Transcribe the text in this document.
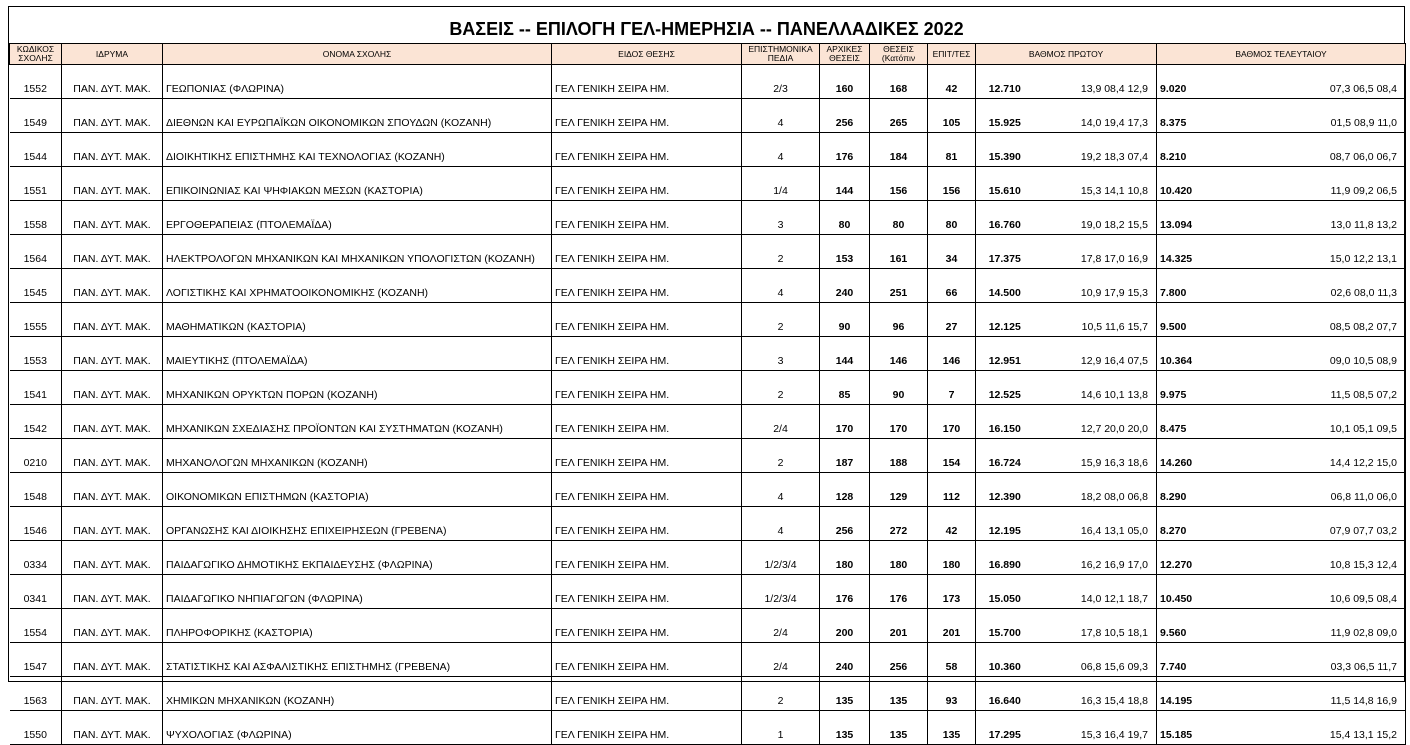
ΒΑΣΕΙΣ -- ΕΠΙΛΟΓΗ ΓΕΛ-ΗΜΕΡΗΣΙΑ -- ΠΑΝΕΛΛΑΔΙΚΕΣ 2022
ΚΩΔΙΚΟΣ ΣΧΟΛΗΣ	ΙΔΡΥΜΑ	ΟΝΟΜΑ ΣΧΟΛΗΣ	ΕΙΔΟΣ ΘΕΣΗΣ	ΕΠΙΣΤΗΜΟΝΙΚΑ ΠΕΔΙΑ	ΑΡΧΙΚΕΣ ΘΕΣΕΙΣ	ΘΕΣΕΙΣ (Κατόπιν	ΕΠΙΤ/ΤΕΣ	ΒΑΘΜΟΣ ΠΡΩΤΟΥ		ΒΑΘΜΟΣ ΤΕΛΕΥΤΑΙΟΥ	
1552	ΠΑΝ. ΔΥΤ. ΜΑΚ.	ΓΕΩΠΟΝΙΑΣ (ΦΛΩΡΙΝΑ)	ΓΕΛ ΓΕΝΙΚΗ ΣΕΙΡΑ ΗΜ.	2/3	160	168	42	12.710	13,9 08,4 12,9	9.020	07,3 06,5 08,4
1549	ΠΑΝ. ΔΥΤ. ΜΑΚ.	ΔΙΕΘΝΩΝ ΚΑΙ ΕΥΡΩΠΑΪΚΩΝ ΟΙΚΟΝΟΜΙΚΩΝ ΣΠΟΥΔΩΝ (ΚΟΖΑΝΗ)	ΓΕΛ ΓΕΝΙΚΗ ΣΕΙΡΑ ΗΜ.	4	256	265	105	15.925	14,0 19,4 17,3	8.375	01,5 08,9 11,0
1544	ΠΑΝ. ΔΥΤ. ΜΑΚ.	ΔΙΟΙΚΗΤΙΚΗΣ ΕΠΙΣΤΗΜΗΣ ΚΑΙ ΤΕΧΝΟΛΟΓΙΑΣ (ΚΟΖΑΝΗ)	ΓΕΛ ΓΕΝΙΚΗ ΣΕΙΡΑ ΗΜ.	4	176	184	81	15.390	19,2 18,3 07,4	8.210	08,7 06,0 06,7
1551	ΠΑΝ. ΔΥΤ. ΜΑΚ.	ΕΠΙΚΟΙΝΩΝΙΑΣ ΚΑΙ ΨΗΦΙΑΚΩΝ ΜΕΣΩΝ (ΚΑΣΤΟΡΙΑ)	ΓΕΛ ΓΕΝΙΚΗ ΣΕΙΡΑ ΗΜ.	1/4	144	156	156	15.610	15,3 14,1 10,8	10.420	11,9 09,2 06,5
1558	ΠΑΝ. ΔΥΤ. ΜΑΚ.	ΕΡΓΟΘΕΡΑΠΕΙΑΣ (ΠΤΟΛΕΜΑΪΔΑ)	ΓΕΛ ΓΕΝΙΚΗ ΣΕΙΡΑ ΗΜ.	3	80	80	80	16.760	19,0 18,2 15,5	13.094	13,0 11,8 13,2
1564	ΠΑΝ. ΔΥΤ. ΜΑΚ.	ΗΛΕΚΤΡΟΛΟΓΩΝ ΜΗΧΑΝΙΚΩΝ ΚΑΙ ΜΗΧΑΝΙΚΩΝ ΥΠΟΛΟΓΙΣΤΩΝ (ΚΟΖΑΝΗ)	ΓΕΛ ΓΕΝΙΚΗ ΣΕΙΡΑ ΗΜ.	2	153	161	34	17.375	17,8 17,0 16,9	14.325	15,0 12,2 13,1
1545	ΠΑΝ. ΔΥΤ. ΜΑΚ.	ΛΟΓΙΣΤΙΚΗΣ ΚΑΙ ΧΡΗΜΑΤΟΟΙΚΟΝΟΜΙΚΗΣ (ΚΟΖΑΝΗ)	ΓΕΛ ΓΕΝΙΚΗ ΣΕΙΡΑ ΗΜ.	4	240	251	66	14.500	10,9 17,9 15,3	7.800	02,6 08,0 11,3
1555	ΠΑΝ. ΔΥΤ. ΜΑΚ.	ΜΑΘΗΜΑΤΙΚΩΝ (ΚΑΣΤΟΡΙΑ)	ΓΕΛ ΓΕΝΙΚΗ ΣΕΙΡΑ ΗΜ.	2	90	96	27	12.125	10,5 11,6 15,7	9.500	08,5 08,2 07,7
1553	ΠΑΝ. ΔΥΤ. ΜΑΚ.	ΜΑΙΕΥΤΙΚΗΣ (ΠΤΟΛΕΜΑΪΔΑ)	ΓΕΛ ΓΕΝΙΚΗ ΣΕΙΡΑ ΗΜ.	3	144	146	146	12.951	12,9 16,4 07,5	10.364	09,0 10,5 08,9
1541	ΠΑΝ. ΔΥΤ. ΜΑΚ.	ΜΗΧΑΝΙΚΩΝ ΟΡΥΚΤΩΝ ΠΟΡΩΝ (ΚΟΖΑΝΗ)	ΓΕΛ ΓΕΝΙΚΗ ΣΕΙΡΑ ΗΜ.	2	85	90	7	12.525	14,6 10,1 13,8	9.975	11,5 08,5 07,2
1542	ΠΑΝ. ΔΥΤ. ΜΑΚ.	ΜΗΧΑΝΙΚΩΝ ΣΧΕΔΙΑΣΗΣ ΠΡΟΪΟΝΤΩΝ ΚΑΙ ΣΥΣΤΗΜΑΤΩΝ (ΚΟΖΑΝΗ)	ΓΕΛ ΓΕΝΙΚΗ ΣΕΙΡΑ ΗΜ.	2/4	170	170	170	16.150	12,7 20,0 20,0	8.475	10,1 05,1 09,5
0210	ΠΑΝ. ΔΥΤ. ΜΑΚ.	ΜΗΧΑΝΟΛΟΓΩΝ ΜΗΧΑΝΙΚΩΝ (ΚΟΖΑΝΗ)	ΓΕΛ ΓΕΝΙΚΗ ΣΕΙΡΑ ΗΜ.	2	187	188	154	16.724	15,9 16,3 18,6	14.260	14,4 12,2 15,0
1548	ΠΑΝ. ΔΥΤ. ΜΑΚ.	ΟΙΚΟΝΟΜΙΚΩΝ ΕΠΙΣΤΗΜΩΝ (ΚΑΣΤΟΡΙΑ)	ΓΕΛ ΓΕΝΙΚΗ ΣΕΙΡΑ ΗΜ.	4	128	129	112	12.390	18,2 08,0 06,8	8.290	06,8 11,0 06,0
1546	ΠΑΝ. ΔΥΤ. ΜΑΚ.	ΟΡΓΑΝΩΣΗΣ ΚΑΙ ΔΙΟΙΚΗΣΗΣ ΕΠΙΧΕΙΡΗΣΕΩΝ (ΓΡΕΒΕΝΑ)	ΓΕΛ ΓΕΝΙΚΗ ΣΕΙΡΑ ΗΜ.	4	256	272	42	12.195	16,4 13,1 05,0	8.270	07,9 07,7 03,2
0334	ΠΑΝ. ΔΥΤ. ΜΑΚ.	ΠΑΙΔΑΓΩΓΙΚΟ ΔΗΜΟΤΙΚΗΣ ΕΚΠΑΙΔΕΥΣΗΣ (ΦΛΩΡΙΝΑ)	ΓΕΛ ΓΕΝΙΚΗ ΣΕΙΡΑ ΗΜ.	1/2/3/4	180	180	180	16.890	16,2 16,9 17,0	12.270	10,8 15,3 12,4
0341	ΠΑΝ. ΔΥΤ. ΜΑΚ.	ΠΑΙΔΑΓΩΓΙΚΟ ΝΗΠΙΑΓΩΓΩΝ (ΦΛΩΡΙΝΑ)	ΓΕΛ ΓΕΝΙΚΗ ΣΕΙΡΑ ΗΜ.	1/2/3/4	176	176	173	15.050	14,0 12,1 18,7	10.450	10,6 09,5 08,4
1554	ΠΑΝ. ΔΥΤ. ΜΑΚ.	ΠΛΗΡΟΦΟΡΙΚΗΣ (ΚΑΣΤΟΡΙΑ)	ΓΕΛ ΓΕΝΙΚΗ ΣΕΙΡΑ ΗΜ.	2/4	200	201	201	15.700	17,8 10,5 18,1	9.560	11,9 02,8 09,0
1547	ΠΑΝ. ΔΥΤ. ΜΑΚ.	ΣΤΑΤΙΣΤΙΚΗΣ ΚΑΙ ΑΣΦΑΛΙΣΤΙΚΗΣ ΕΠΙΣΤΗΜΗΣ (ΓΡΕΒΕΝΑ)	ΓΕΛ ΓΕΝΙΚΗ ΣΕΙΡΑ ΗΜ.	2/4	240	256	58	10.360	06,8 15,6 09,3	7.740	03,3 06,5 11,7
1563	ΠΑΝ. ΔΥΤ. ΜΑΚ.	ΧΗΜΙΚΩΝ ΜΗΧΑΝΙΚΩΝ (ΚΟΖΑΝΗ)	ΓΕΛ ΓΕΝΙΚΗ ΣΕΙΡΑ ΗΜ.	2	135	135	93	16.640	16,3 15,4 18,8	14.195	11,5 14,8 16,9
1550	ΠΑΝ. ΔΥΤ. ΜΑΚ.	ΨΥΧΟΛΟΓΙΑΣ (ΦΛΩΡΙΝΑ)	ΓΕΛ ΓΕΝΙΚΗ ΣΕΙΡΑ ΗΜ.	1	135	135	135	17.295	15,3 16,4 19,7	15.185	15,4 13,1 15,2
